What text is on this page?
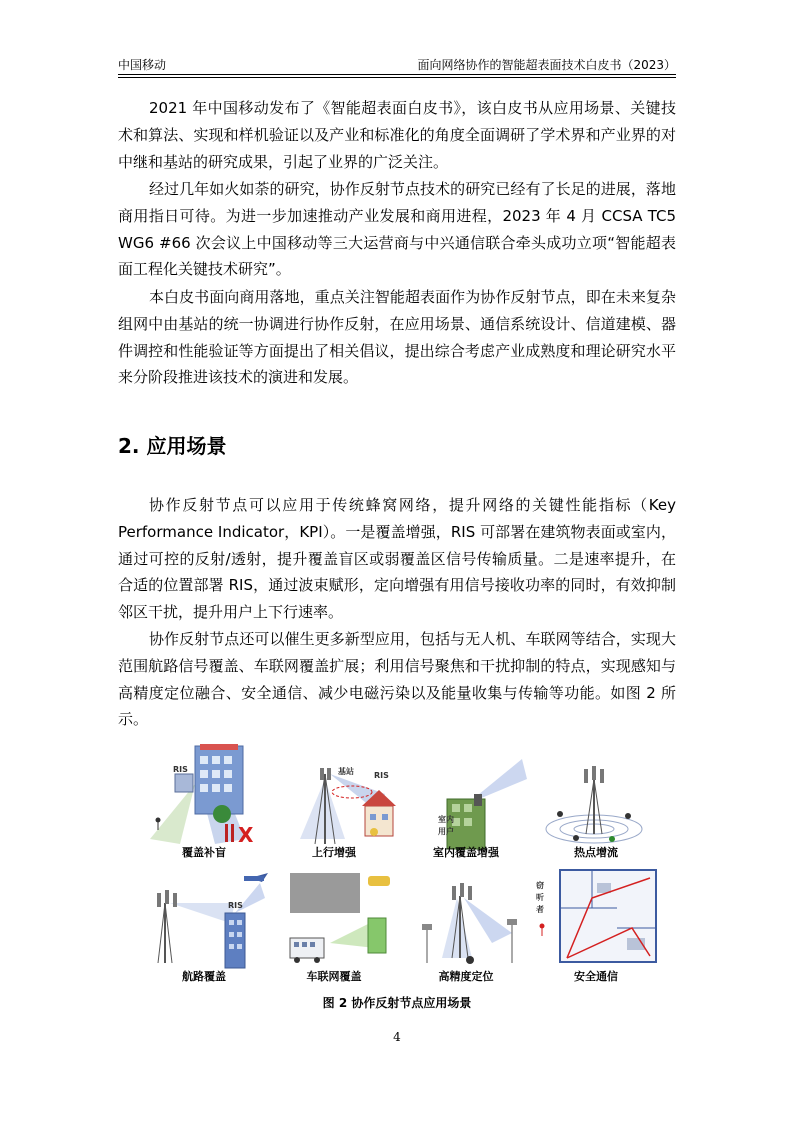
中国移动	面向网络协作的智能超表面技术白皮书（2023）

2021 年中国移动发布了《智能超表面白皮书》，该白皮书从应用场景、关键技术和算法、实现和样机验证以及产业和标准化的角度全面调研了学术界和产业界的对中继和基站的研究成果，引起了业界的广泛关注。

经过几年如火如荼的研究，协作反射节点技术的研究已经有了长足的进展，落地商用指日可待。为进一步加速推动产业发展和商用进程，2023 年 4 月 CCSA TC5 WG6 #66 次会议上中国移动等三大运营商与中兴通信联合牵头成功立项“智能超表面工程化关键技术研究”。

本白皮书面向商用落地，重点关注智能超表面作为协作反射节点，即在未来复杂组网中由基站的统一协调进行协作反射，在应用场景、通信系统设计、信道建模、器件调控和性能验证等方面提出了相关倡议，提出综合考虑产业成熟度和理论研究水平来分阶段推进该技术的演进和发展。

2. 应用场景

协作反射节点可以应用于传统蜂窝网络，提升网络的关键性能指标（Key Performance Indicator，KPI）。一是覆盖增强，RIS 可部署在建筑物表面或室内，通过可控的反射/透射，提升覆盖盲区或弱覆盖区信号传输质量。二是速率提升，在合适的位置部署 RIS，通过波束赋形，定向增强有用信号接收功率的同时，有效抑制邻区干扰，提升用户上下行速率。

协作反射节点还可以催生更多新型应用，包括与无人机、车联网等结合，实现大范围航路信号覆盖、车联网覆盖扩展；利用信号聚焦和干扰抑制的特点，实现感知与高精度定位融合、安全通信、减少电磁污染以及能量收集与传输等功能。如图 2 所示。

RIS
X
覆盖补盲
基站	RIS
上行增强
室内
用户
室内覆盖增强	热点增流
RIS
航路覆盖	车联网覆盖	高精度定位
窃
听
者
安全通信
图 2 协作反射节点应用场景
4
